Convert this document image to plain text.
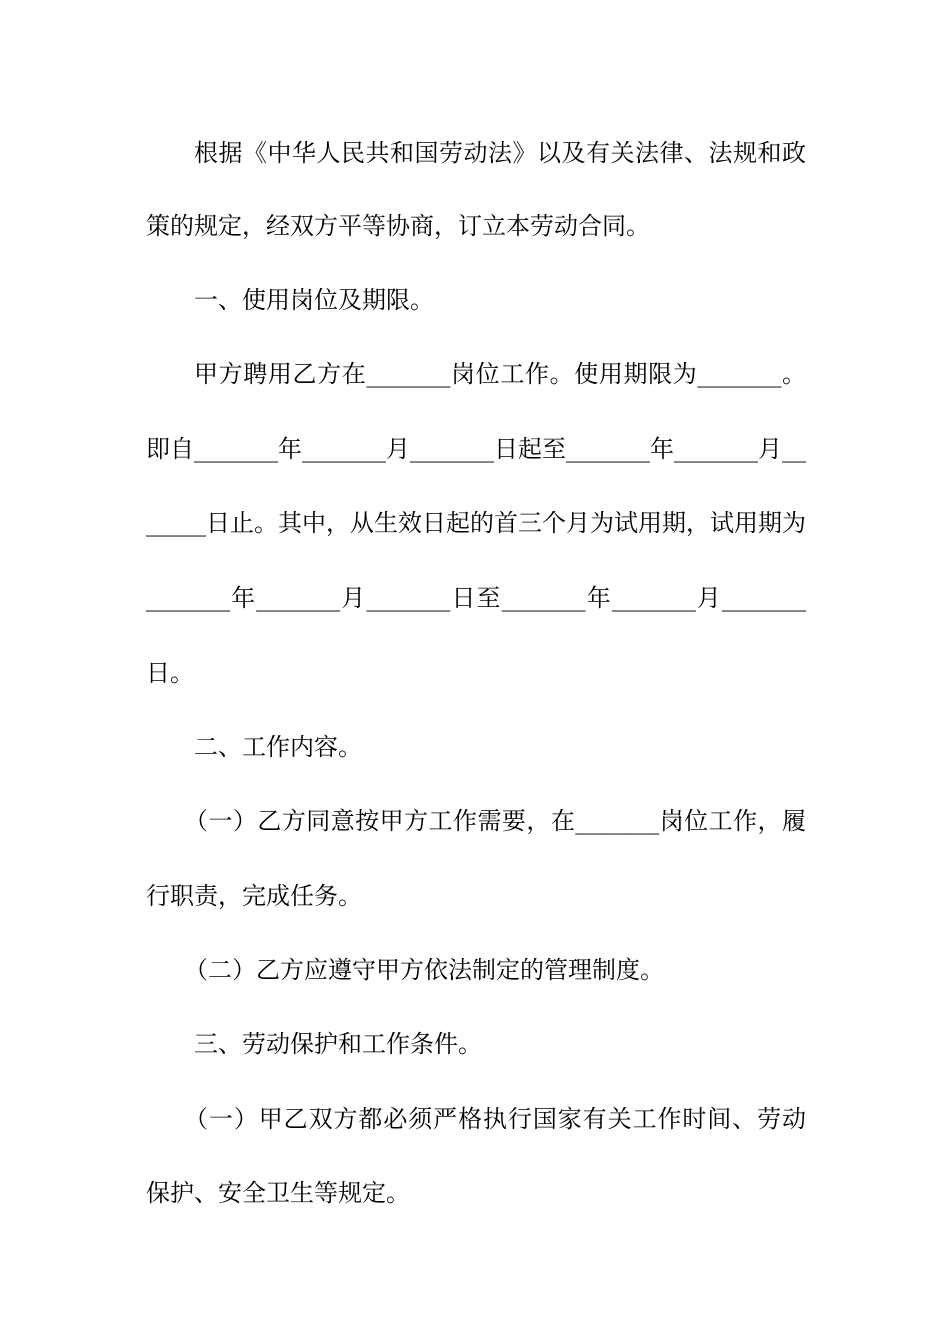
根据《中华人民共和国劳动法》以及有关法律、法规和政
策的规定，经双方平等协商，订立本劳动合同。
一、使用岗位及期限。
甲方聘用乙方在_______岗位工作。使用期限为_______。
即自_______年_______月_______日起至_______年_______月__
_____日止。其中，从生效日起的首三个月为试用期，试用期为
_______年_______月_______日至_______年_______月_______
日。
二、工作内容。
（一）乙方同意按甲方工作需要，在_______岗位工作，履
行职责，完成任务。
（二）乙方应遵守甲方依法制定的管理制度。
三、劳动保护和工作条件。
（一）甲乙双方都必须严格执行国家有关工作时间、劳动
保护、安全卫生等规定。
